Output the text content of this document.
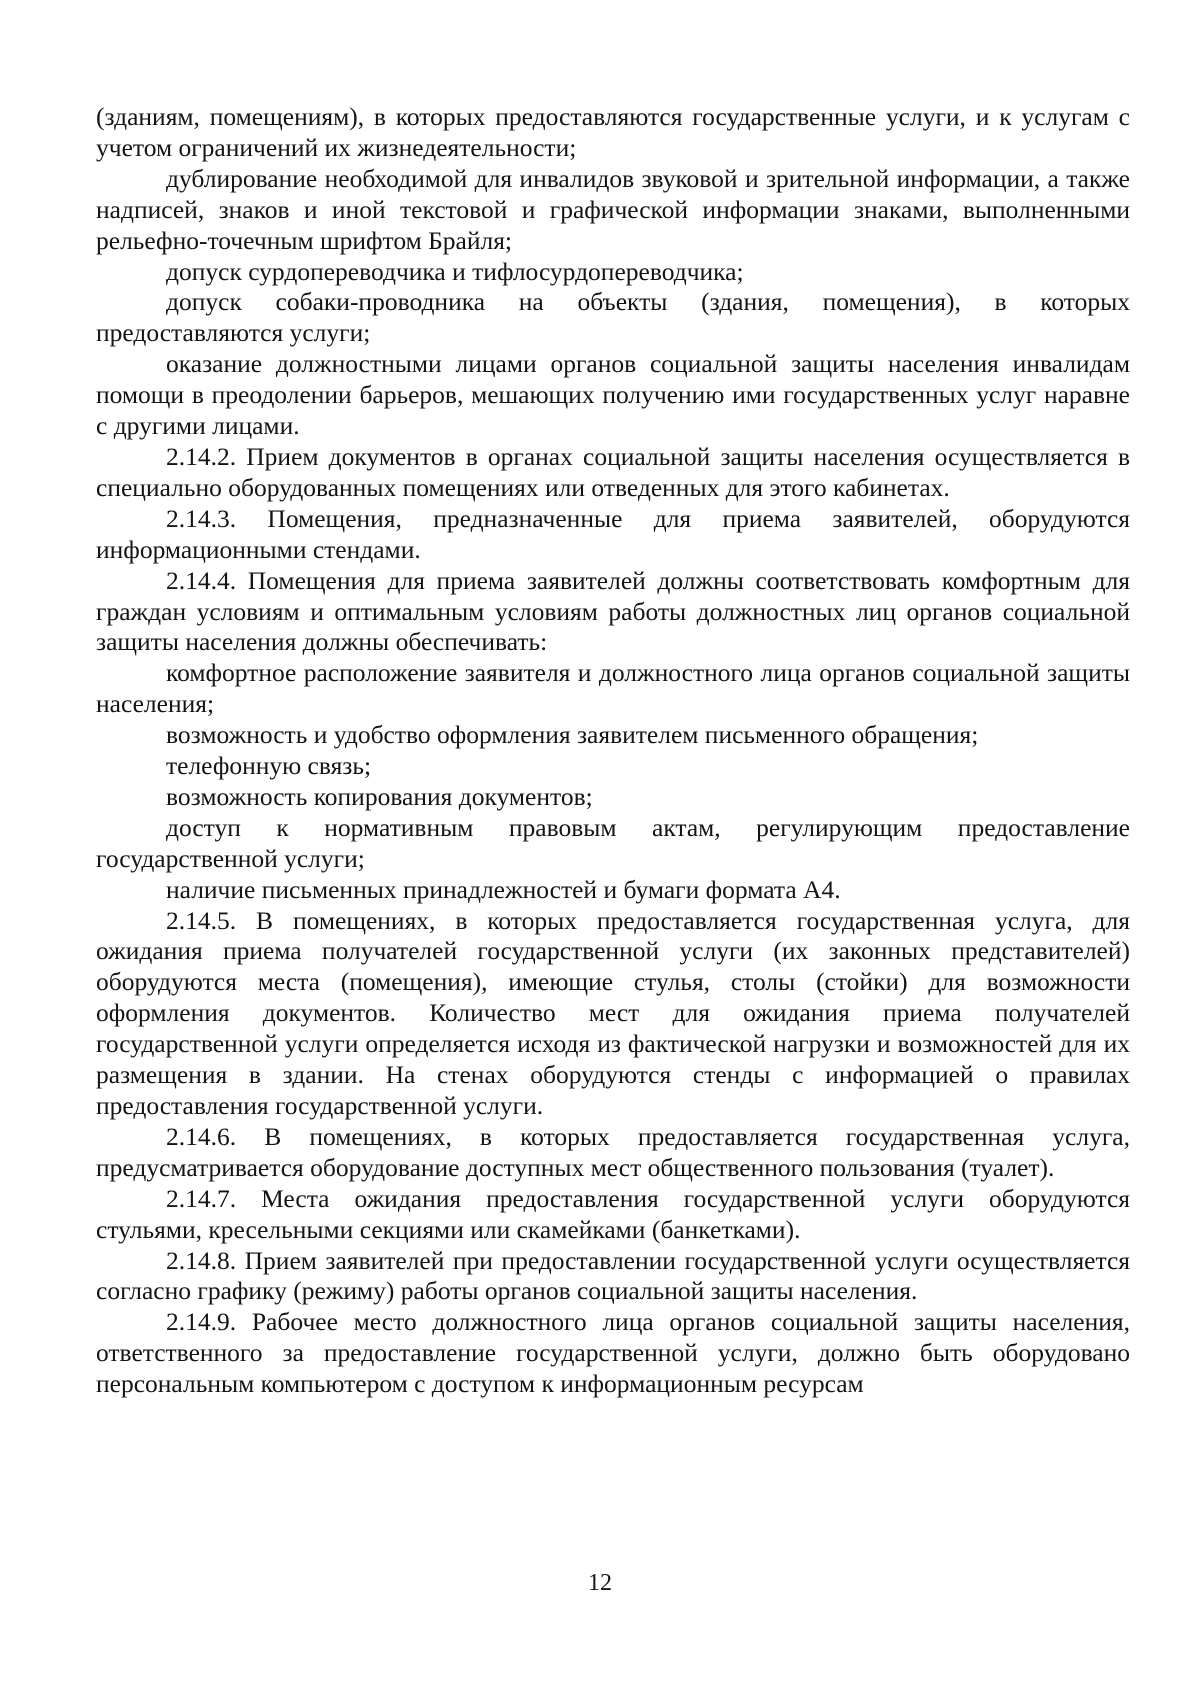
(зданиям, помещениям), в которых предоставляются государственные услуги, и к услугам с учетом ограничений их жизнедеятельности;

дублирование необходимой для инвалидов звуковой и зрительной информации, а также надписей, знаков и иной текстовой и графической информации знаками, выполненными рельефно-точечным шрифтом Брайля;

допуск сурдопереводчика и тифлосурдопереводчика;

допуск собаки-проводника на объекты (здания, помещения), в которых предоставляются услуги;

оказание должностными лицами органов социальной защиты населения инвалидам помощи в преодолении барьеров, мешающих получению ими государственных услуг наравне с другими лицами.

2.14.2. Прием документов в органах социальной защиты населения осуществляется в специально оборудованных помещениях или отведенных для этого кабинетах.

2.14.3. Помещения, предназначенные для приема заявителей, оборудуются информационными стендами.

2.14.4. Помещения для приема заявителей должны соответствовать комфортным для граждан условиям и оптимальным условиям работы должностных лиц органов социальной защиты населения должны обеспечивать:

комфортное расположение заявителя и должностного лица органов социальной защиты населения;

возможность и удобство оформления заявителем письменного обращения;

телефонную связь;

возможность копирования документов;

доступ к нормативным правовым актам, регулирующим предоставление государственной услуги;

наличие письменных принадлежностей и бумаги формата А4.

2.14.5. В помещениях, в которых предоставляется государственная услуга, для ожидания приема получателей государственной услуги (их законных представителей) оборудуются места (помещения), имеющие стулья, столы (стойки) для возможности оформления документов. Количество мест для ожидания приема получателей государственной услуги определяется исходя из фактической нагрузки и возможностей для их размещения в здании. На стенах оборудуются стенды с информацией о правилах предоставления государственной услуги.

2.14.6. В помещениях, в которых предоставляется государственная услуга, предусматривается оборудование доступных мест общественного пользования (туалет).

2.14.7. Места ожидания предоставления государственной услуги оборудуются стульями, кресельными секциями или скамейками (банкетками).

2.14.8. Прием заявителей при предоставлении государственной услуги осуществляется согласно графику (режиму) работы органов социальной защиты населения.

2.14.9. Рабочее место должностного лица органов социальной защиты населения, ответственного за предоставление государственной услуги, должно быть оборудовано персональным компьютером с доступом к информационным ресурсам

12
